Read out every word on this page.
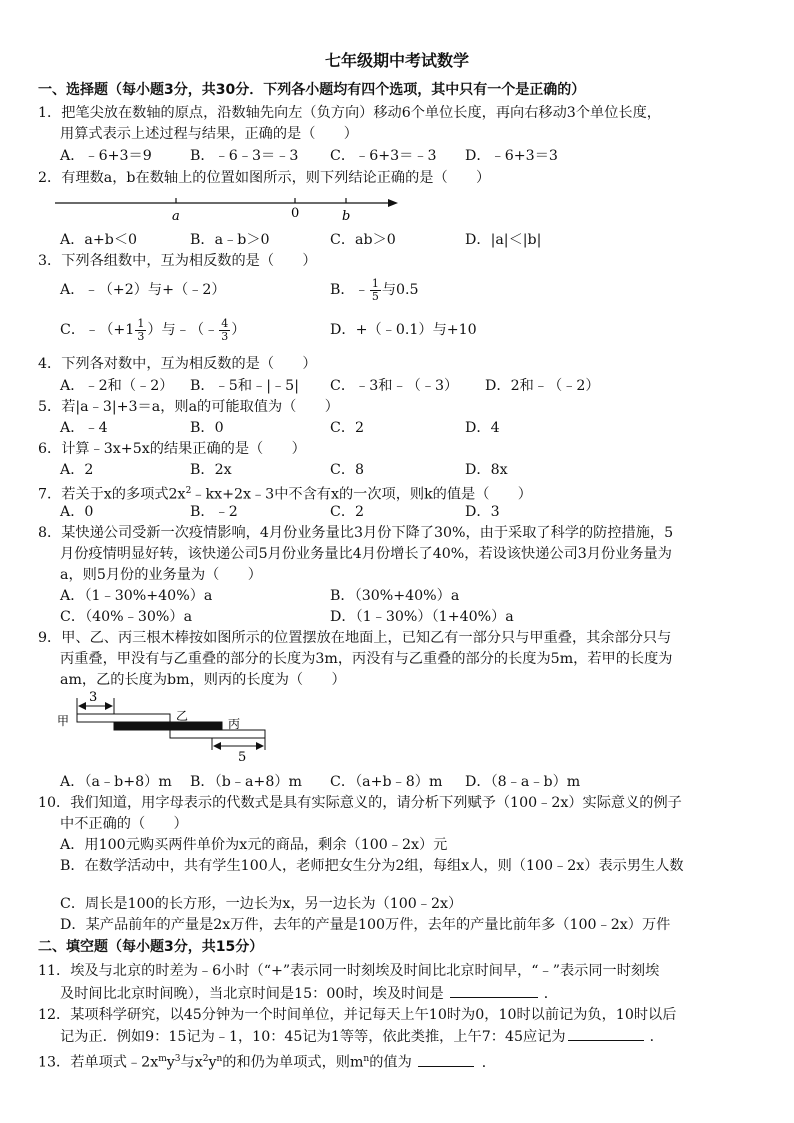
七年级期中考试数学
一、选择题（每小题3分，共30分．下列各小题均有四个选项，其中只有一个是正确的）
1．把笔尖放在数轴的原点，沿数轴先向左（负方向）移动6个单位长度，再向右移动3个单位长度，
用算式表示上述过程与结果，正确的是（　　）
A．﹣6+3＝9	B．﹣6﹣3＝﹣3 C．﹣6+3＝﹣3 D．﹣6+3＝3
2．有理数a，b在数轴上的位置如图所示，则下列结论正确的是（　　）
a	0	b
A．a+b＜0	B．a﹣b＞0	C．ab＞0	D．|a|＜|b|
3．下列各组数中，互为相反数的是（　　）
A．﹣（+2）与+（﹣2）	B．﹣ $\frac{1}{5}$ 与0.5
C．﹣（+1 $\frac{1}{3}$ ）与﹣（﹣ $\frac{4}{3}$ ）	D．+（﹣0.1）与+10
4．下列各对数中，互为相反数的是（　　）
A．﹣2和（﹣2） B．﹣5和﹣|﹣5| C．﹣3和﹣（﹣3） D．2和﹣（﹣2）
5．若|a﹣3|+3＝a，则a的可能取值为（　　）
A．﹣4	B．0	C．2	D．4
6．计算﹣3x+5x的结果正确的是（　　）
A．2	B．2x	C．8	D．8x
7．若关于x的多项式$2x^2﹣kx+2x﹣3$中不含有x的一次项，则k的值是（　　）
A．0	B．﹣2	C．2	D．3
8．某快递公司受新一次疫情影响，4月份业务量比3月份下降了30%，由于采取了科学的防控措施，5
月份疫情明显好转，该快递公司5月份业务量比4月份增长了40%，若设该快递公司3月份业务量为
a，则5月份的业务量为（　　）
A．（1﹣30%+40%）a	B．（30%+40%）a
C．（40%﹣30%）a	D．（1﹣30%）（1+40%）a
9．甲、乙、丙三根木棒按如图所示的位置摆放在地面上，已知乙有一部分只与甲重叠，其余部分只与
丙重叠，甲没有与乙重叠的部分的长度为3m，丙没有与乙重叠的部分的长度为5m，若甲的长度为
am，乙的长度为bm，则丙的长度为（　　）
3
甲	乙
丙
5
A．（a﹣b+8）m B．（b﹣a+8）m C．（a+b﹣8）m D．（8﹣a﹣b）m
10．我们知道，用字母表示的代数式是具有实际意义的，请分析下列赋予（100﹣2x）实际意义的例子
中不正确的（　　）
A．用100元购买两件单价为x元的商品，剩余（100﹣2x）元
B．在数学活动中，共有学生100人，老师把女生分为2组，每组x人，则（100﹣2x）表示男生人数
C．周长是100的长方形，一边长为x，另一边长为（100﹣2x）
D．某产品前年的产量是2x万件，去年的产量是100万件，去年的产量比前年多（100﹣2x）万件
二、填空题（每小题3分，共15分）
11．埃及与北京的时差为﹣6小时（“+”表示同一时刻埃及时间比北京时间早，“﹣”表示同一时刻埃
及时间比北京时间晚），当北京时间是15：00时，埃及时间是	．
12．某项科学研究，以45分钟为一个时间单位，并记每天上午10时为0，10时以前记为负，10时以后
记为正．例如9：15记为﹣1，10：45记为1等等，依此类推，上午7：45应记为	．
13．若单项式$﹣2x^my^3$与$x^2y^n$的和仍为单项式，则$m^n$的值为	．
